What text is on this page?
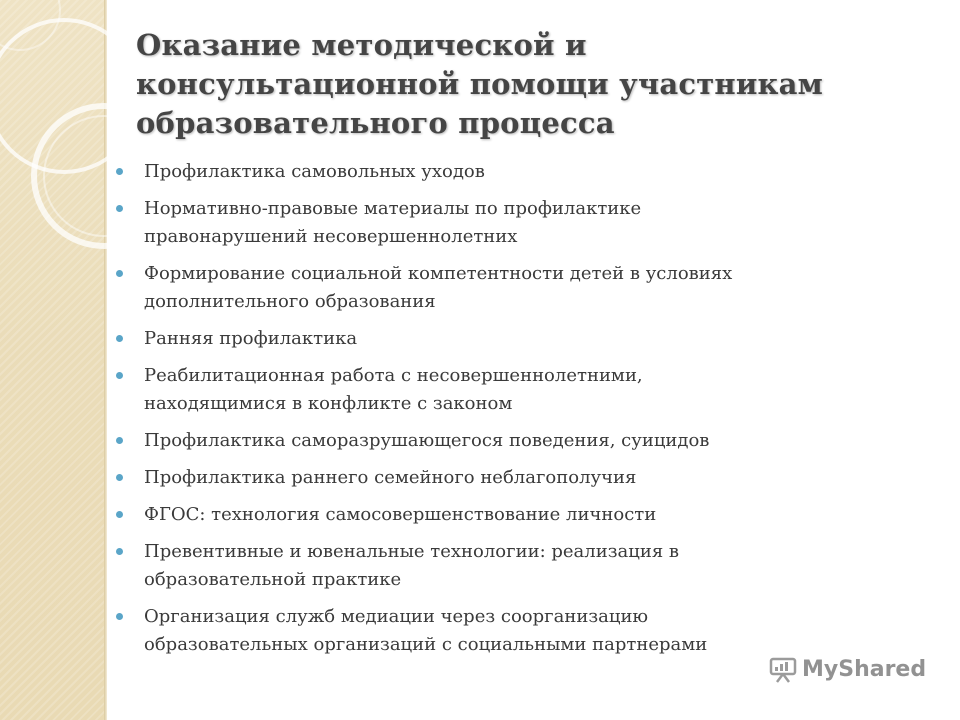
Оказание методической и
консультационной помощи участникам
образовательного процесса
Профилактика самовольных уходов
Нормативно-правовые материалы по профилактике
правонарушений несовершеннолетних
Формирование социальной компетентности детей в условиях
дополнительного образования
Ранняя профилактика
Реабилитационная работа с несовершеннолетними,
находящимися в конфликте с законом
Профилактика саморазрушающегося поведения, суицидов
Профилактика раннего семейного неблагополучия
ФГОС: технология самосовершенствование личности
Превентивные и ювенальные технологии: реализация в
образовательной практике
Организация служб медиации через соорганизацию
образовательных организаций с социальными партнерами
MyShared
